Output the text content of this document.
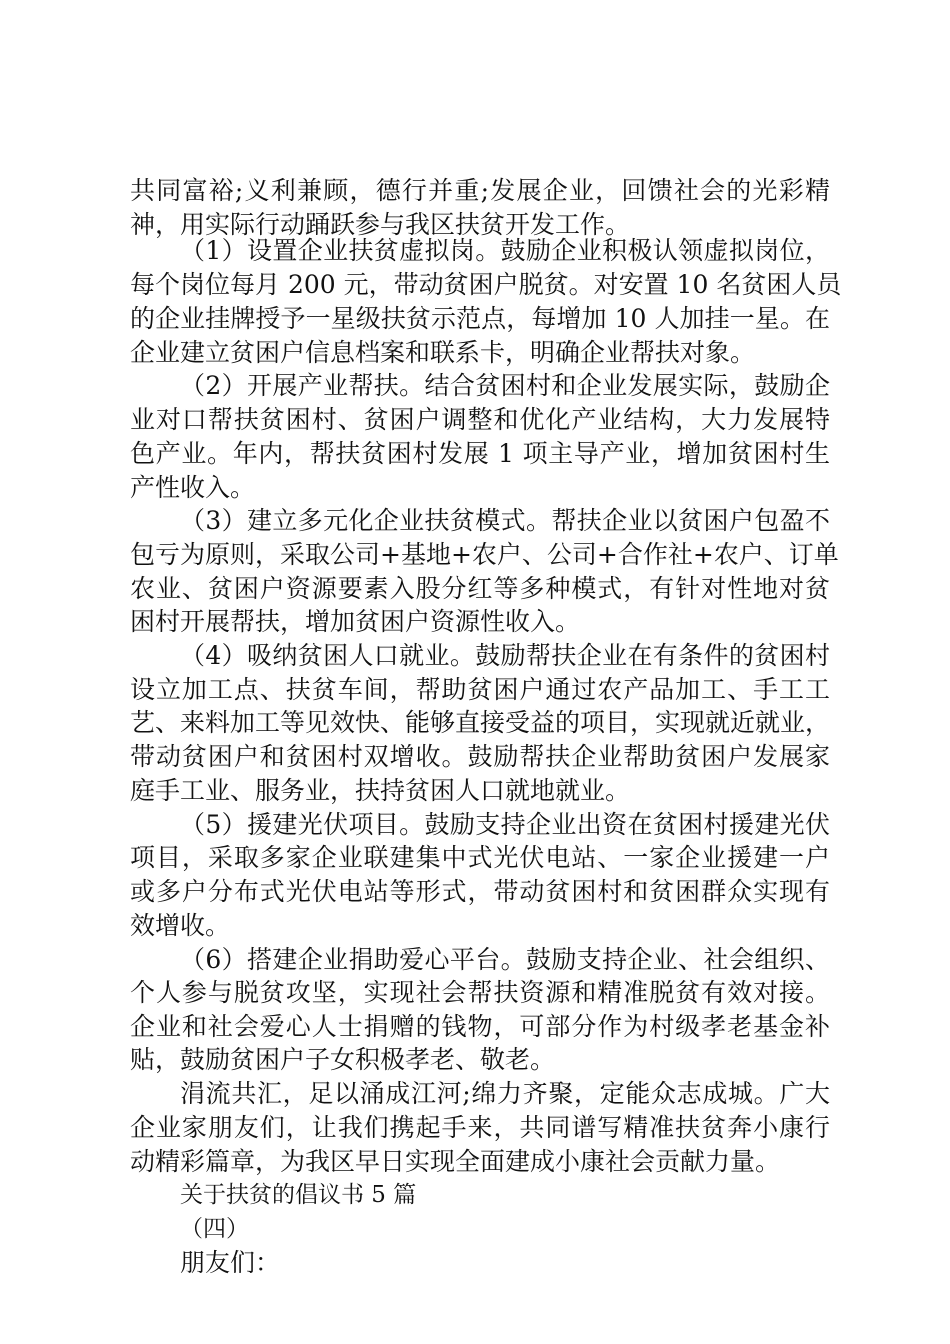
共同富裕;义利兼顾，德行并重;发展企业，回馈社会的光彩精
神，用实际行动踊跃参与我区扶贫开发工作。
（1）设置企业扶贫虚拟岗。鼓励企业积极认领虚拟岗位，
每个岗位每月 200 元，带动贫困户脱贫。对安置 10 名贫困人员
的企业挂牌授予一星级扶贫示范点，每增加 10 人加挂一星。在
企业建立贫困户信息档案和联系卡，明确企业帮扶对象。
（2）开展产业帮扶。结合贫困村和企业发展实际，鼓励企
业对口帮扶贫困村、贫困户调整和优化产业结构，大力发展特
色产业。年内，帮扶贫困村发展 1 项主导产业，增加贫困村生
产性收入。
（3）建立多元化企业扶贫模式。帮扶企业以贫困户包盈不
包亏为原则，采取公司+基地+农户、公司+合作社+农户、订单
农业、贫困户资源要素入股分红等多种模式，有针对性地对贫
困村开展帮扶，增加贫困户资源性收入。
（4）吸纳贫困人口就业。鼓励帮扶企业在有条件的贫困村
设立加工点、扶贫车间，帮助贫困户通过农产品加工、手工工
艺、来料加工等见效快、能够直接受益的项目，实现就近就业，
带动贫困户和贫困村双增收。鼓励帮扶企业帮助贫困户发展家
庭手工业、服务业，扶持贫困人口就地就业。
（5）援建光伏项目。鼓励支持企业出资在贫困村援建光伏
项目，采取多家企业联建集中式光伏电站、一家企业援建一户
或多户分布式光伏电站等形式，带动贫困村和贫困群众实现有
效增收。
（6）搭建企业捐助爱心平台。鼓励支持企业、社会组织、
个人参与脱贫攻坚，实现社会帮扶资源和精准脱贫有效对接。
企业和社会爱心人士捐赠的钱物，可部分作为村级孝老基金补
贴，鼓励贫困户子女积极孝老、敬老。
涓流共汇，足以涌成江河;绵力齐聚，定能众志成城。广大
企业家朋友们，让我们携起手来，共同谱写精准扶贫奔小康行
动精彩篇章，为我区早日实现全面建成小康社会贡献力量。
关于扶贫的倡议书 5 篇
（四）
朋友们：
